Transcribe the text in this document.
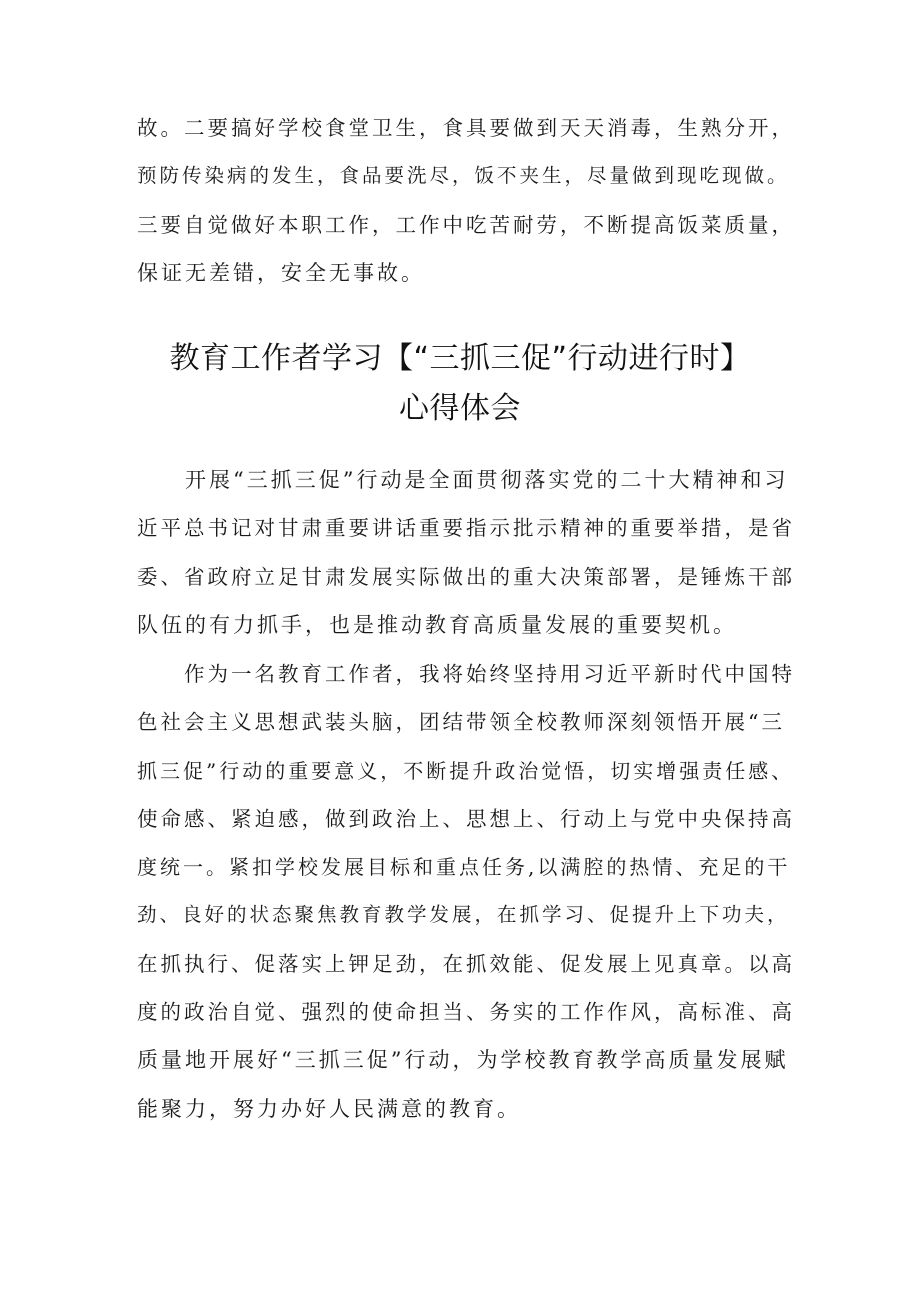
故。二要搞好学校食堂卫生，食具要做到天天消毒，生熟分开，
预防传染病的发生，食品要洗尽，饭不夹生，尽量做到现吃现做。
三要自觉做好本职工作，工作中吃苦耐劳，不断提高饭菜质量，
保证无差错，安全无事故。
教育工作者学习【“三抓三促”行动进行时】
心得体会
　　开展“三抓三促”行动是全面贯彻落实党的二十大精神和习
近平总书记对甘肃重要讲话重要指示批示精神的重要举措，是省
委、省政府立足甘肃发展实际做出的重大决策部署，是锤炼干部
队伍的有力抓手，也是推动教育高质量发展的重要契机。
　　作为一名教育工作者，我将始终坚持用习近平新时代中国特
色社会主义思想武装头脑，团结带领全校教师深刻领悟开展“三
抓三促”行动的重要意义，不断提升政治觉悟，切实增强责任感、
使命感、紧迫感，做到政治上、思想上、行动上与党中央保持高
度统一。紧扣学校发展目标和重点任务,以满腔的热情、充足的干
劲、良好的状态聚焦教育教学发展，在抓学习、促提升上下功夫，
在抓执行、促落实上钾足劲，在抓效能、促发展上见真章。以高
度的政治自觉、强烈的使命担当、务实的工作作风，高标准、高
质量地开展好“三抓三促”行动，为学校教育教学高质量发展赋
能聚力，努力办好人民满意的教育。
